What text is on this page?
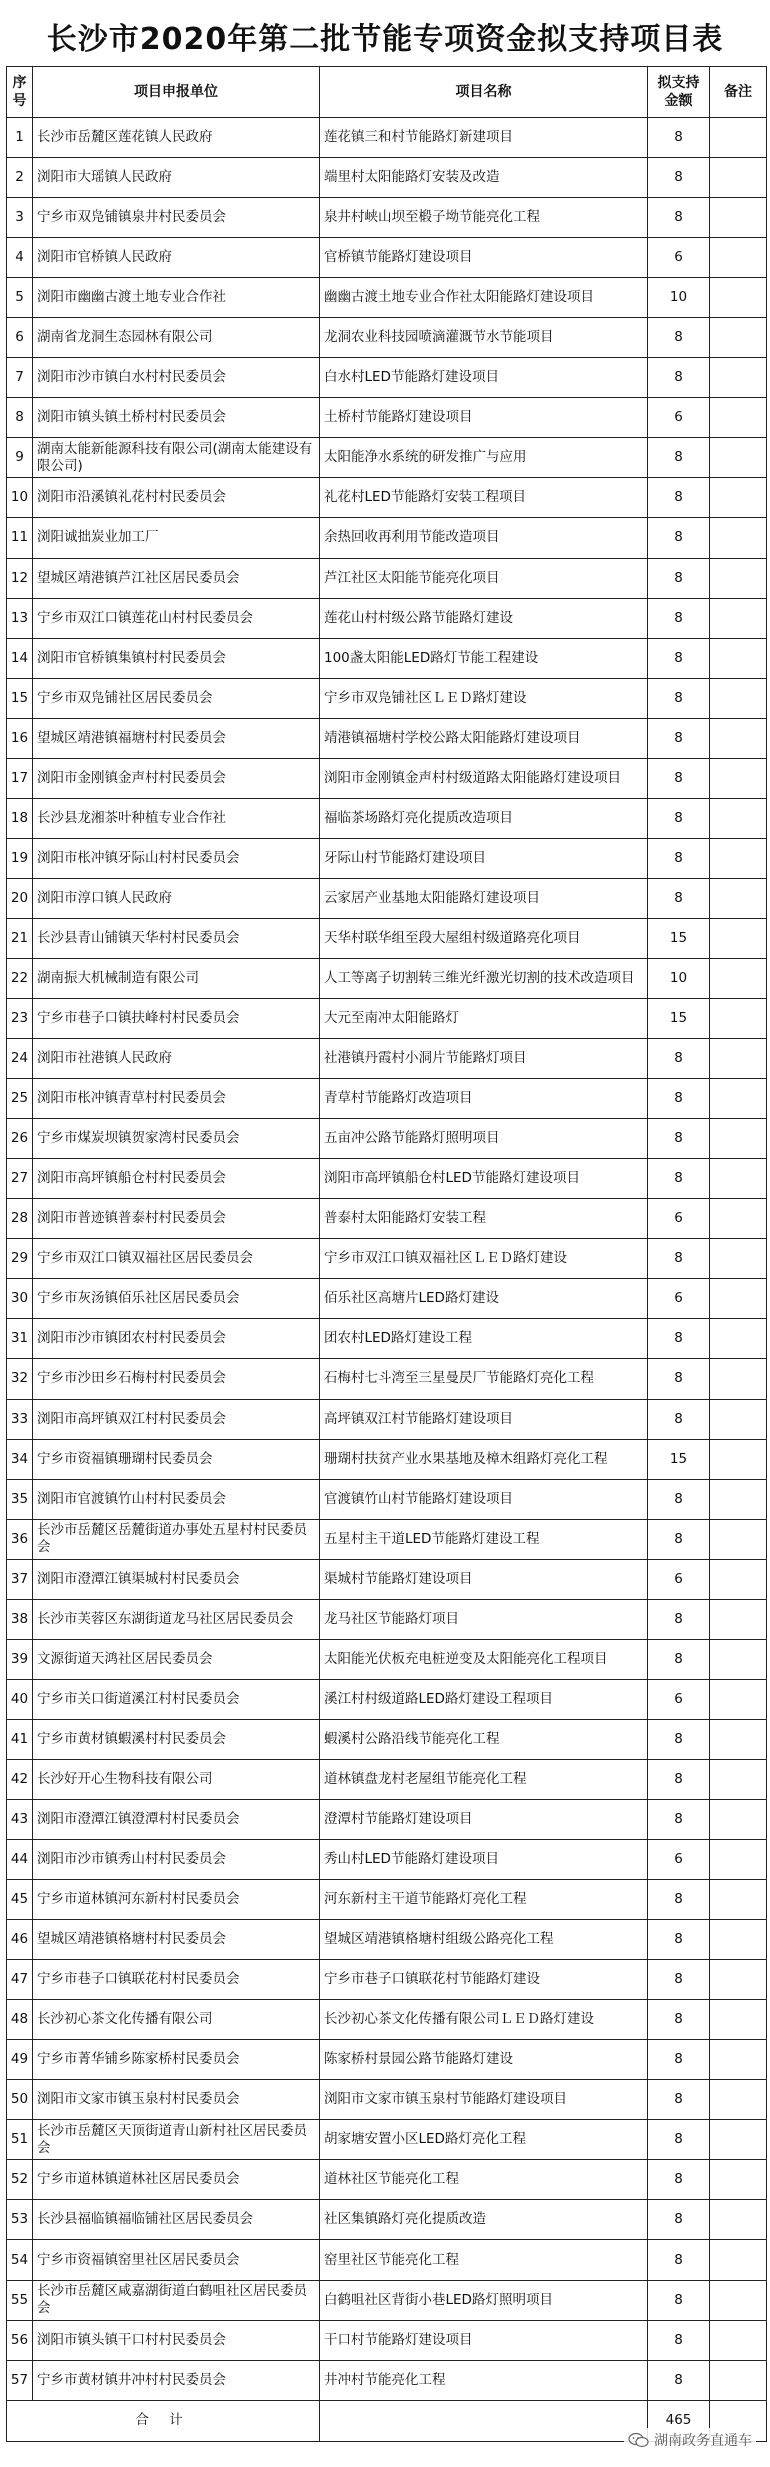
长沙市2020年第二批节能专项资金拟支持项目表
序号	项目申报单位	项目名称	拟支持金额	备注
1	长沙市岳麓区莲花镇人民政府	莲花镇三和村节能路灯新建项目	8	
2	浏阳市大瑶镇人民政府	端里村太阳能路灯安装及改造	8	
3	宁乡市双凫铺镇泉井村民委员会	泉井村峡山坝至椴子坳节能亮化工程	8	
4	浏阳市官桥镇人民政府	官桥镇节能路灯建设项目	6	
5	浏阳市幽幽古渡土地专业合作社	幽幽古渡土地专业合作社太阳能路灯建设项目	10	
6	湖南省龙洞生态园林有限公司	龙洞农业科技园喷滴灌溉节水节能项目	8	
7	浏阳市沙市镇白水村村民委员会	白水村LED节能路灯建设项目	8	
8	浏阳市镇头镇土桥村村民委员会	土桥村节能路灯建设项目	6	
9	湖南太能新能源科技有限公司(湖南太能建设有限公司)	太阳能净水系统的研发推广与应用	8	
10	浏阳市沿溪镇礼花村村民委员会	礼花村LED节能路灯安装工程项目	8	
11	浏阳诚拙炭业加工厂	余热回收再利用节能改造项目	8	
12	望城区靖港镇芦江社区居民委员会	芦江社区太阳能节能亮化项目	8	
13	宁乡市双江口镇莲花山村村民委员会	莲花山村村级公路节能路灯建设	8	
14	浏阳市官桥镇集镇村村民委员会	100盏太阳能LED路灯节能工程建设	8	
15	宁乡市双凫铺社区居民委员会	宁乡市双凫铺社区ＬＥＤ路灯建设	8	
16	望城区靖港镇福塘村村民委员会	靖港镇福塘村学校公路太阳能路灯建设项目	8	
17	浏阳市金刚镇金声村村民委员会	浏阳市金刚镇金声村村级道路太阳能路灯建设项目	8	
18	长沙县龙湘茶叶种植专业合作社	福临茶场路灯亮化提质改造项目	8	
19	浏阳市枨冲镇牙际山村村民委员会	牙际山村节能路灯建设项目	8	
20	浏阳市淳口镇人民政府	云家居产业基地太阳能路灯建设项目	8	
21	长沙县青山铺镇天华村村民委员会	天华村联华组至段大屋组村级道路亮化项目	15	
22	湖南振大机械制造有限公司	人工等离子切割转三维光纤激光切割的技术改造项目	10	
23	宁乡市巷子口镇扶峰村村民委员会	大元至南冲太阳能路灯	15	
24	浏阳市社港镇人民政府	社港镇丹霞村小洞片节能路灯项目	8	
25	浏阳市枨冲镇青草村村民委员会	青草村节能路灯改造项目	8	
26	宁乡市煤炭坝镇贺家湾村民委员会	五亩冲公路节能路灯照明项目	8	
27	浏阳市高坪镇船仓村村民委员会	浏阳市高坪镇船仓村LED节能路灯建设项目	8	
28	浏阳市普迹镇普泰村村民委员会	普泰村太阳能路灯安装工程	6	
29	宁乡市双江口镇双福社区居民委员会	宁乡市双江口镇双福社区ＬＥＤ路灯建设	8	
30	宁乡市灰汤镇佰乐社区居民委员会	佰乐社区高塘片LED路灯建设	6	
31	浏阳市沙市镇团农村村民委员会	团农村LED路灯建设工程	8	
32	宁乡市沙田乡石梅村村民委员会	石梅村七斗湾至三星曼昃厂节能路灯亮化工程	8	
33	浏阳市高坪镇双江村村民委员会	高坪镇双江村节能路灯建设项目	8	
34	宁乡市资福镇珊瑚村民委员会	珊瑚村扶贫产业水果基地及樟木组路灯亮化工程	15	
35	浏阳市官渡镇竹山村村民委员会	官渡镇竹山村节能路灯建设项目	8	
36	长沙市岳麓区岳麓街道办事处五星村村民委员会	五星村主干道LED节能路灯建设工程	8	
37	浏阳市澄潭江镇渠城村村民委员会	渠城村节能路灯建设项目	6	
38	长沙市芙蓉区东湖街道龙马社区居民委员会	龙马社区节能路灯项目	8	
39	文源街道天鸿社区居民委员会	太阳能光伏板充电桩逆变及太阳能亮化工程项目	8	
40	宁乡市关口街道溪江村村民委员会	溪江村村级道路LED路灯建设工程项目	6	
41	宁乡市黄材镇蝦溪村村民委员会	蝦溪村公路沿线节能亮化工程	8	
42	长沙好开心生物科技有限公司	道林镇盘龙村老屋组节能亮化工程	8	
43	浏阳市澄潭江镇澄潭村村民委员会	澄潭村节能路灯建设项目	8	
44	浏阳市沙市镇秀山村村民委员会	秀山村LED节能路灯建设项目	6	
45	宁乡市道林镇河东新村村民委员会	河东新村主干道节能路灯亮化工程	8	
46	望城区靖港镇格塘村村民委员会	望城区靖港镇格塘村组级公路亮化工程	8	
47	宁乡市巷子口镇联花村村民委员会	宁乡市巷子口镇联花村节能路灯建设	8	
48	长沙初心茶文化传播有限公司	长沙初心茶文化传播有限公司ＬＥＤ路灯建设	8	
49	宁乡市菁华铺乡陈家桥村民委员会	陈家桥村景园公路节能路灯建设	8	
50	浏阳市文家市镇玉泉村村民委员会	浏阳市文家市镇玉泉村节能路灯建设项目	8	
51	长沙市岳麓区天顶街道青山新村社区居民委员会	胡家塘安置小区LED路灯亮化工程	8	
52	宁乡市道林镇道林社区居民委员会	道林社区节能亮化工程	8	
53	长沙县福临镇福临铺社区居民委员会	社区集镇路灯亮化提质改造	8	
54	宁乡市资福镇窑里社区居民委员会	窑里社区节能亮化工程	8	
55	长沙市岳麓区咸嘉湖街道白鹤咀社区居民委员会	白鹤咀社区背街小巷LED路灯照明项目	8	
56	浏阳市镇头镇干口村村民委员会	干口村节能路灯建设项目	8	
57	宁乡市黄材镇井冲村村民委员会	井冲村节能亮化工程	8	
合 计			465	
湖南政务直通车
